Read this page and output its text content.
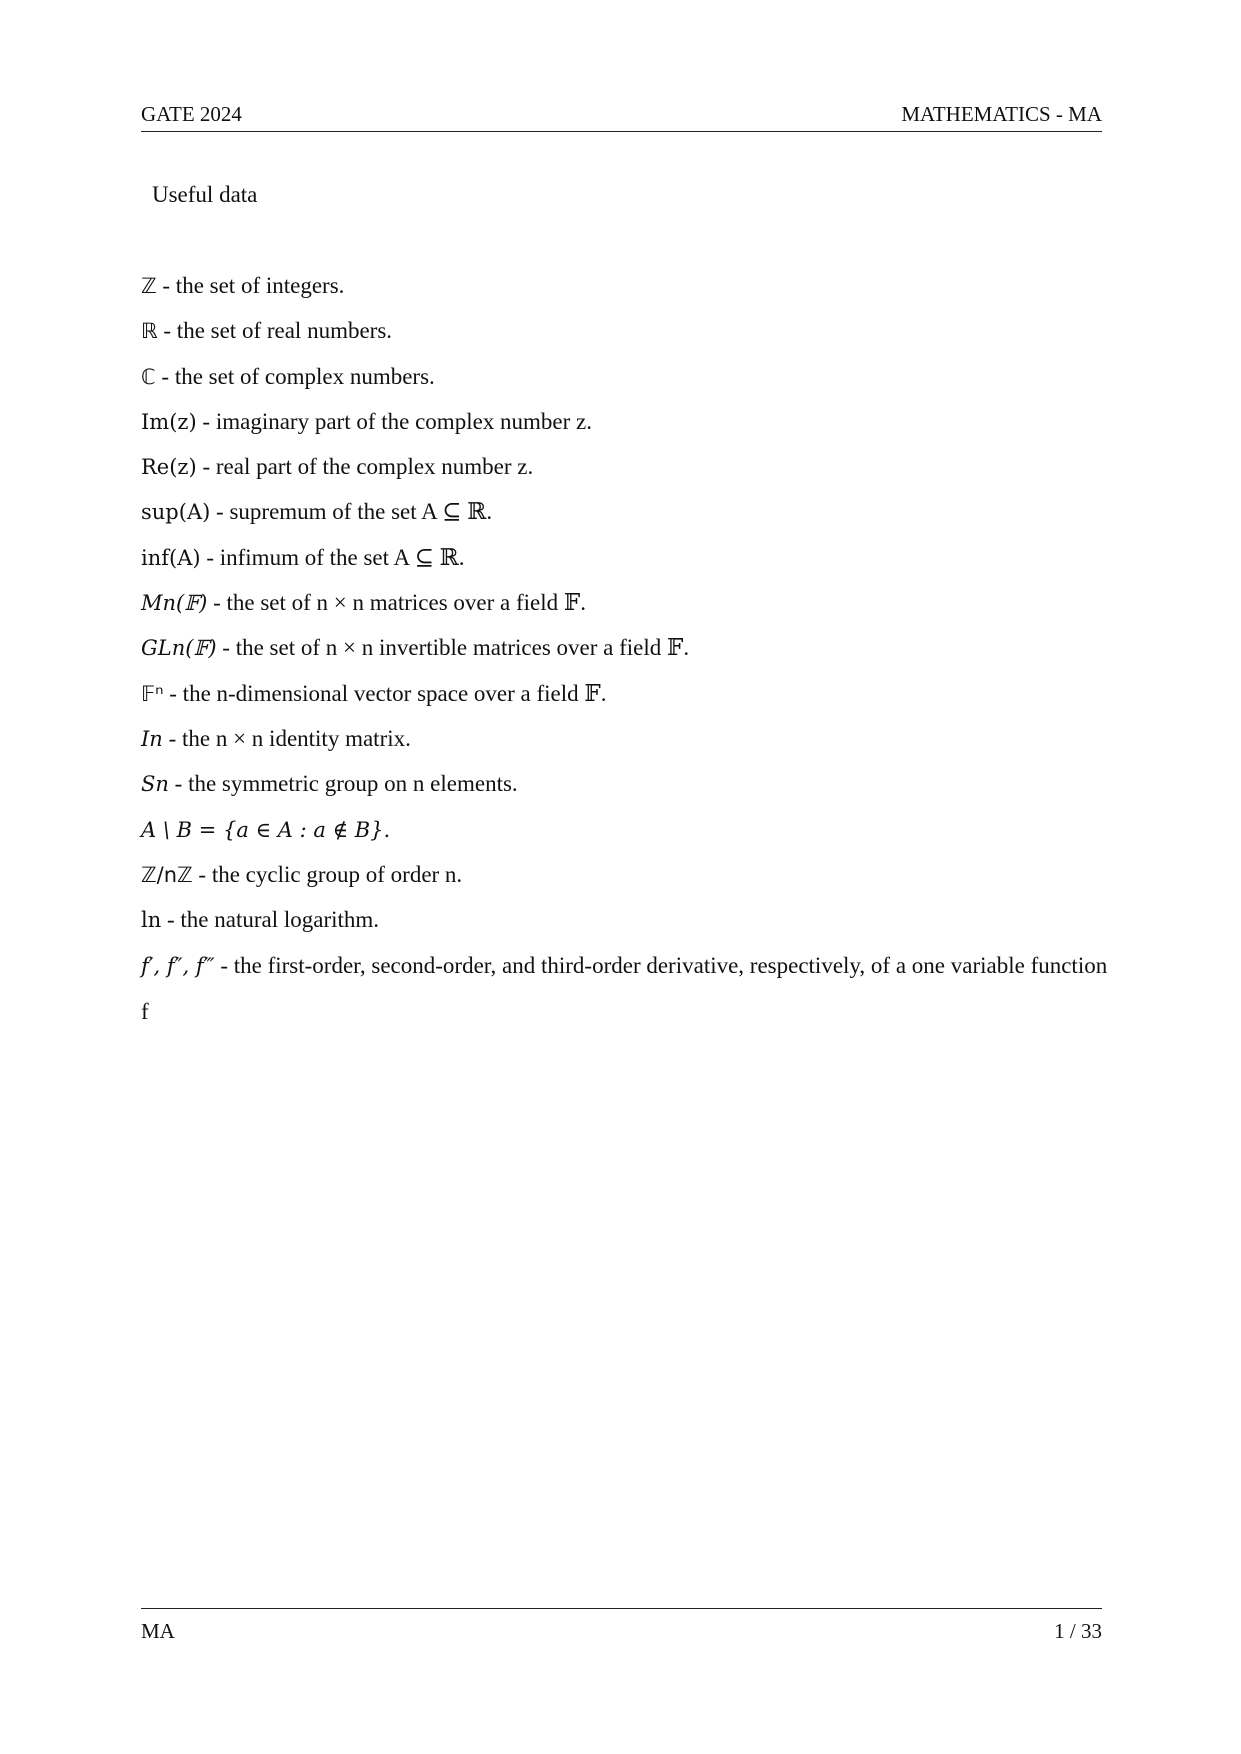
GATE 2024	MATHEMATICS - MA
Useful data
ℤ - the set of integers.
ℝ - the set of real numbers.
ℂ - the set of complex numbers.
Im(z) - imaginary part of the complex number z.
Re(z) - real part of the complex number z.
sup(A) - supremum of the set A ⊆ ℝ.
inf(A) - infimum of the set A ⊆ ℝ.
Mn(𝔽) - the set of n × n matrices over a field 𝔽.
GLn(𝔽) - the set of n × n invertible matrices over a field 𝔽.
𝔽ⁿ - the n-dimensional vector space over a field 𝔽.
In - the n × n identity matrix.
Sn - the symmetric group on n elements.
A \ B = {a ∈ A : a ∉ B}.
ℤ/nℤ - the cyclic group of order n.
ln - the natural logarithm.
f′, f″, f‴ - the first-order, second-order, and third-order derivative, respectively, of a one variable function f
MA	1 / 33
